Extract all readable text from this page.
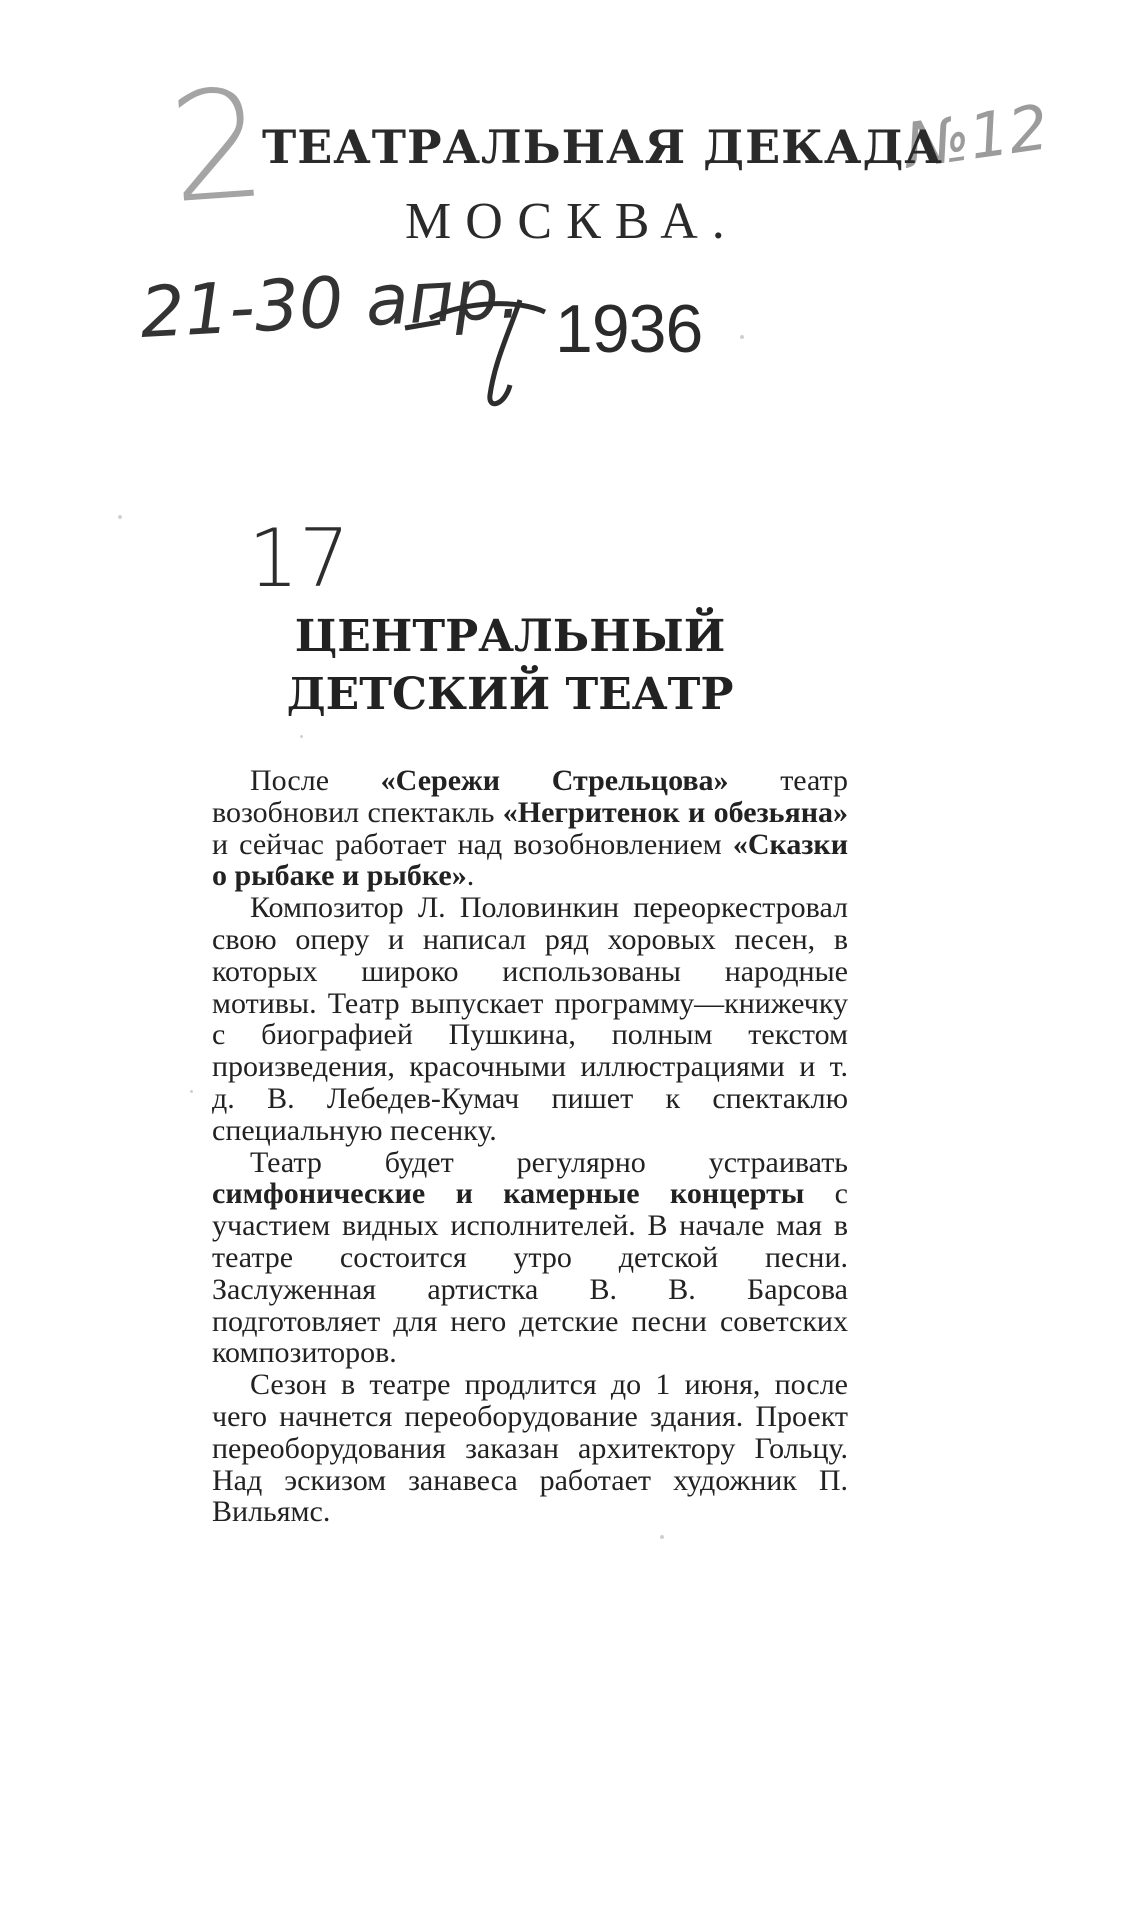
2	№12
ТЕАТРАЛЬНАЯ ДЕКАДА
МОСКВА.
21-30 апр. 1936
17
ЦЕНТРАЛЬНЫЙ
ДЕТСКИЙ ТЕАТР

После «Сережи Стрельцова» театр возобновил спектакль «Негритенок и обезьяна» и сейчас работает над возобновлением «Сказки о рыбаке и рыбке».

Композитор Л. Половинкин переоркестровал свою оперу и написал ряд хоровых песен, в которых широко использованы народные мотивы. Театр выпускает программу—книжечку с биографией Пушкина, полным текстом произведения, красочными иллюстрациями и т. д. В. Лебедев-Кумач пишет к спектаклю специальную песенку.

Театр будет регулярно устраивать симфонические и камерные концерты с участием видных исполнителей. В начале мая в театре состоится утро детской песни. Заслуженная артистка В. В. Барсова подготовляет для него детские песни советских композиторов.

Сезон в театре продлится до 1 июня, после чего начнется переоборудование здания. Проект переоборудования заказан архитектору Гольцу. Над эскизом занавеса работает художник П. Вильямс.
